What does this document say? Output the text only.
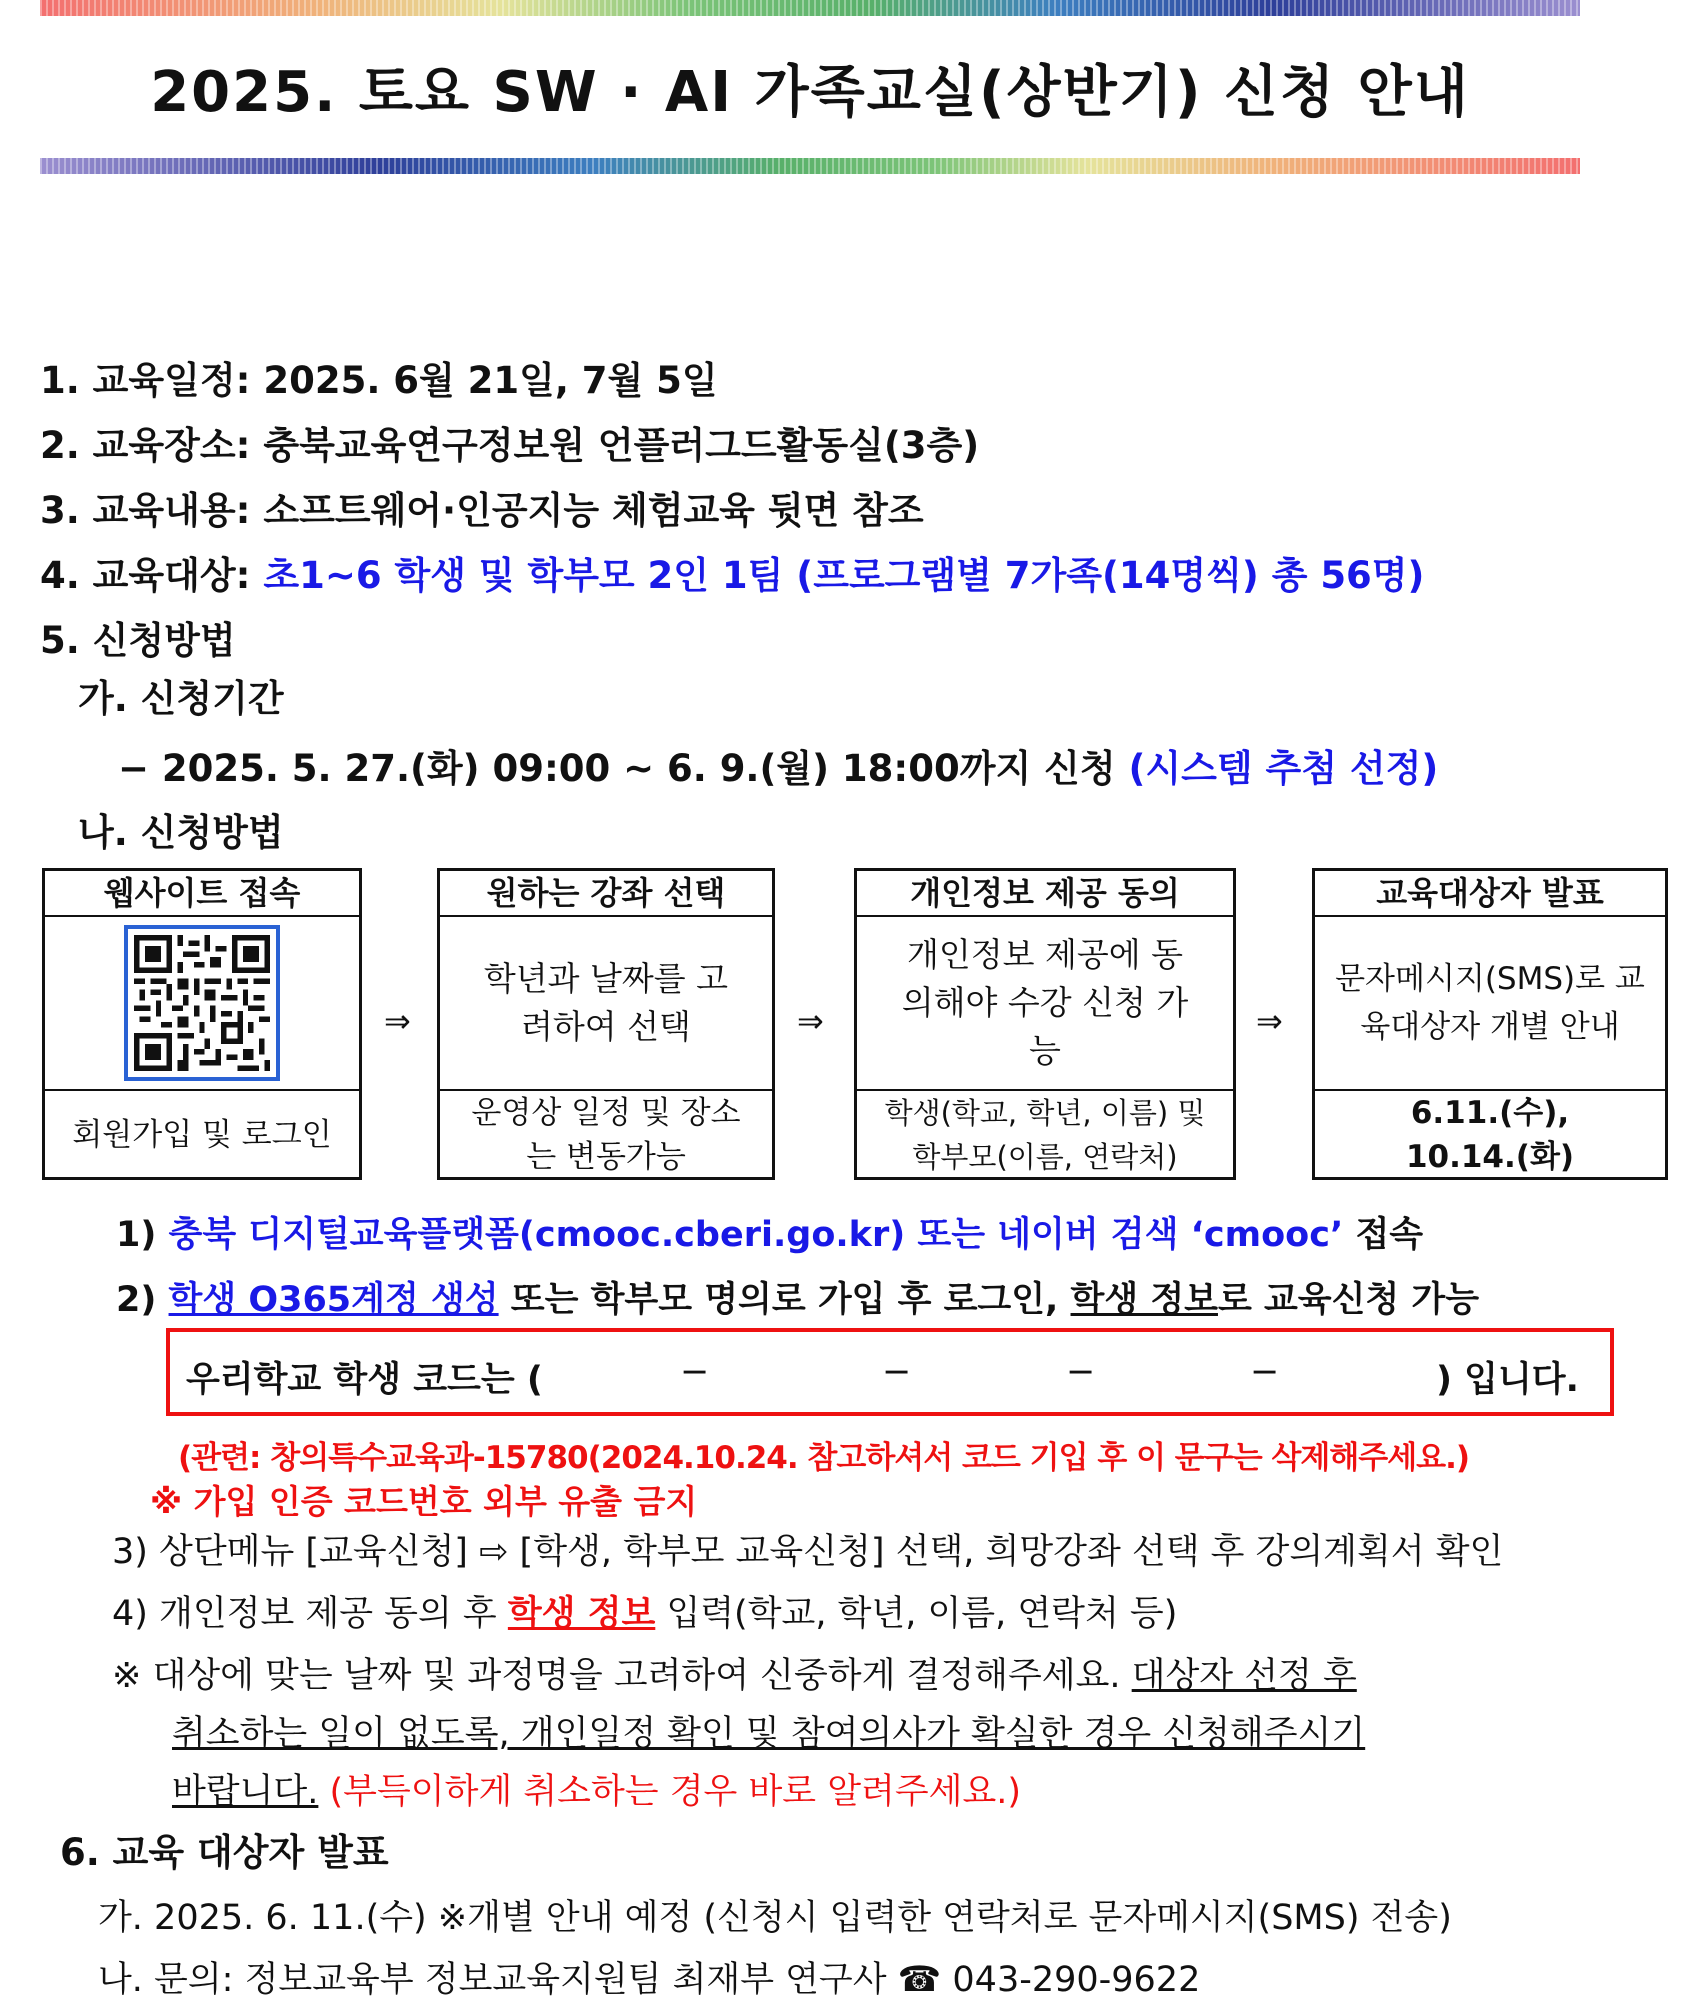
2025. 토요 SW · AI 가족교실(상반기) 신청 안내
1. 교육일정: 2025. 6월 21일, 7월 5일
2. 교육장소: 충북교육연구정보원 언플러그드활동실(3층)
3. 교육내용: 소프트웨어·인공지능 체험교육 뒷면 참조
4. 교육대상: 초1~6 학생 및 학부모 2인 1팀 (프로그램별 7가족(14명씩) 총 56명)
5. 신청방법
가. 신청기간
− 2025. 5. 27.(화) 09:00 ~ 6. 9.(월) 18:00까지 신청 (시스템 추첨 선정)
나. 신청방법
웹사이트 접속
회원가입 및 로그인
⇒
원하는 강좌 선택
학년과 날짜를 고려하여 선택
운영상 일정 및 장소는 변동가능
⇒
개인정보 제공 동의
개인정보 제공에 동의해야 수강 신청 가능
학생(학교, 학년, 이름) 및 학부모(이름, 연락처)
⇒
교육대상자 발표
문자메시지(SMS)로 교육대상자 개별 안내
6.11.(수), 10.14.(화)
1) 충북 디지털교육플랫폼(cmooc.cberi.go.kr) 또는 네이버 검색 ‘cmooc’ 접속
2) 학생 O365계정 생성 또는 학부모 명의로 가입 후 로그인, 학생 정보로 교육신청 가능
우리학교 학생 코드는 (	−	−	−	−	) 입니다.
(관련: 창의특수교육과-15780(2024.10.24. 참고하셔서 코드 기입 후 이 문구는 삭제해주세요.)
※ 가입 인증 코드번호 외부 유출 금지
3) 상단메뉴 [교육신청] ⇨ [학생, 학부모 교육신청] 선택, 희망강좌 선택 후 강의계획서 확인
4) 개인정보 제공 동의 후 학생 정보 입력(학교, 학년, 이름, 연락처 등)
※ 대상에 맞는 날짜 및 과정명을 고려하여 신중하게 결정해주세요. 대상자 선정 후
취소하는 일이 없도록, 개인일정 확인 및 참여의사가 확실한 경우 신청해주시기
바랍니다. (부득이하게 취소하는 경우 바로 알려주세요.)
6. 교육 대상자 발표
가. 2025. 6. 11.(수) ※개별 안내 예정 (신청시 입력한 연락처로 문자메시지(SMS) 전송)
나. 문의: 정보교육부 정보교육지원팀 최재부 연구사 ☎ 043-290-9622
